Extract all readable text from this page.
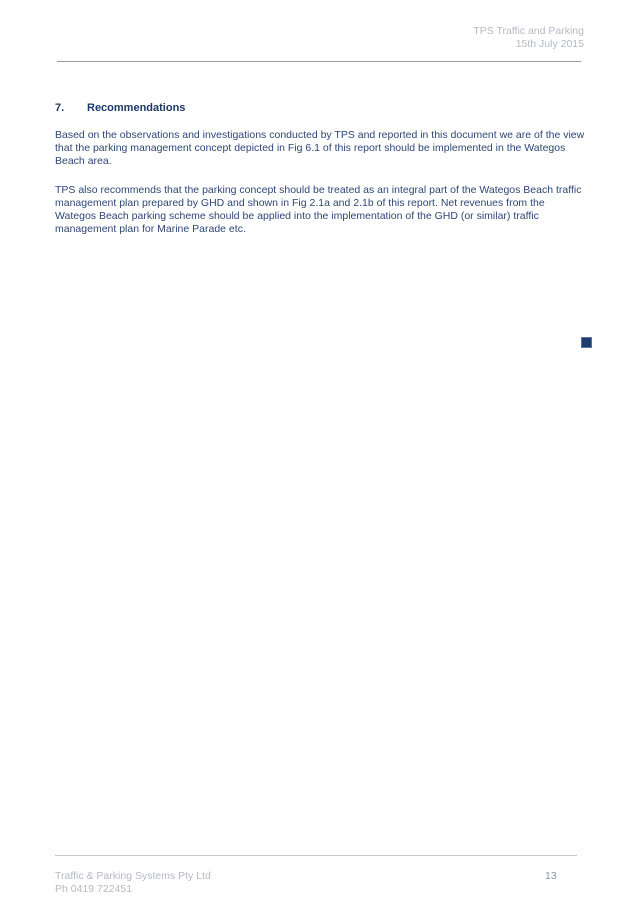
TPS Traffic and Parking
15th July 2015
7.	Recommendations

Based on the observations and investigations conducted by TPS and reported in this document we are of the view that the parking management concept depicted in Fig 6.1 of this report should be implemented in the Wategos Beach area.

TPS also recommends that the parking concept should be treated as an integral part of the Wategos Beach traffic management plan prepared by GHD and shown in Fig 2.1a and 2.1b of this report. Net revenues from the Wategos Beach parking scheme should be applied into the implementation of the GHD (or similar) traffic management plan for Marine Parade etc.

Traffic & Parking Systems Pty Ltd
Ph 0419 722451
13
